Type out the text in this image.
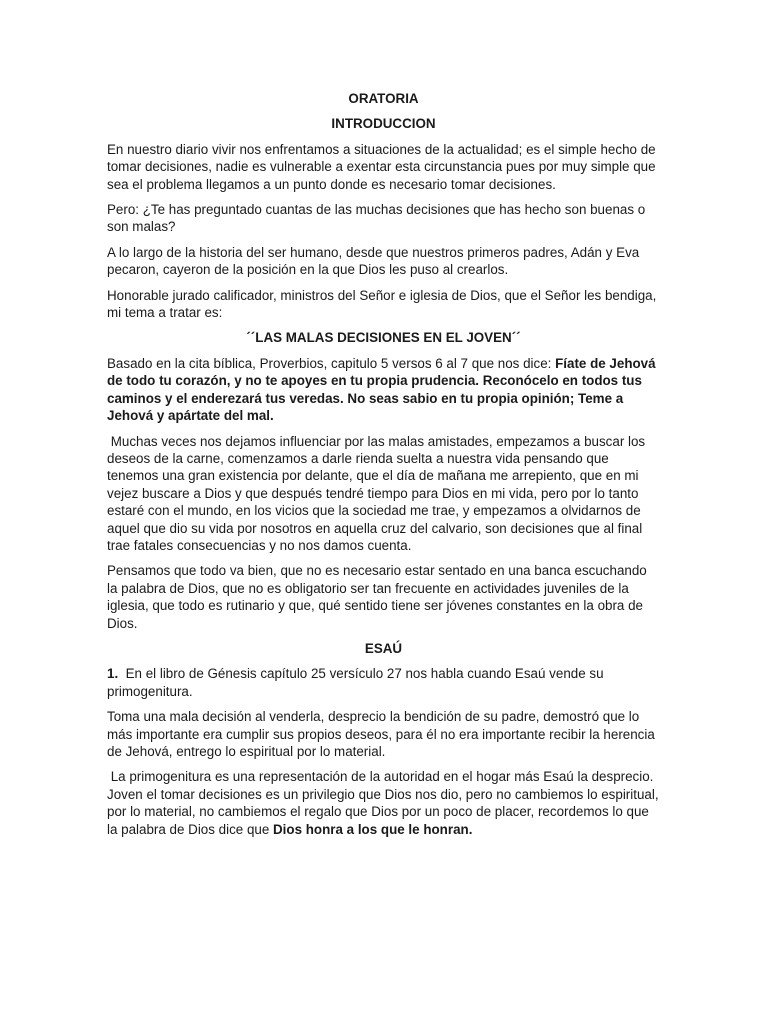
ORATORIA
INTRODUCCION

En nuestro diario vivir nos enfrentamos a situaciones de la actualidad; es el simple hecho de tomar decisiones, nadie es vulnerable a exentar esta circunstancia pues por muy simple que sea el problema llegamos a un punto donde es necesario tomar decisiones.

Pero: ¿Te has preguntado cuantas de las muchas decisiones que has hecho son buenas o son malas?

A lo largo de la historia del ser humano, desde que nuestros primeros padres, Adán y Eva pecaron, cayeron de la posición en la que Dios les puso al crearlos.

Honorable jurado calificador, ministros del Señor e iglesia de Dios, que el Señor les bendiga, mi tema a tratar es:

´´LAS MALAS DECISIONES EN EL JOVEN´´

Basado en la cita bíblica, Proverbios, capitulo 5 versos 6 al 7 que nos dice: Fíate de Jehová de todo tu corazón, y no te apoyes en tu propia prudencia. Reconócelo en todos tus caminos y el enderezará tus veredas. No seas sabio en tu propia opinión; Teme a Jehová y apártate del mal.

Muchas veces nos dejamos influenciar por las malas amistades, empezamos a buscar los deseos de la carne, comenzamos a darle rienda suelta a nuestra vida pensando que tenemos una gran existencia por delante, que el día de mañana me arrepiento, que en mi vejez buscare a Dios y que después tendré tiempo para Dios en mi vida, pero por lo tanto estaré con el mundo, en los vicios que la sociedad me trae, y empezamos a olvidarnos de aquel que dio su vida por nosotros en aquella cruz del calvario, son decisiones que al final trae fatales consecuencias y no nos damos cuenta.

Pensamos que todo va bien, que no es necesario estar sentado en una banca escuchando la palabra de Dios, que no es obligatorio ser tan frecuente en actividades juveniles de la iglesia, que todo es rutinario y que, qué sentido tiene ser jóvenes constantes en la obra de Dios.

ESAÚ

1.  En el libro de Génesis capítulo 25 versículo 27 nos habla cuando Esaú vende su primogenitura.

Toma una mala decisión al venderla, desprecio la bendición de su padre, demostró que lo más importante era cumplir sus propios deseos, para él no era importante recibir la herencia de Jehová, entrego lo espiritual por lo material.

La primogenitura es una representación de la autoridad en el hogar más Esaú la desprecio. Joven el tomar decisiones es un privilegio que Dios nos dio, pero no cambiemos lo espiritual, por lo material, no cambiemos el regalo que Dios por un poco de placer, recordemos lo que la palabra de Dios dice que Dios honra a los que le honran.
